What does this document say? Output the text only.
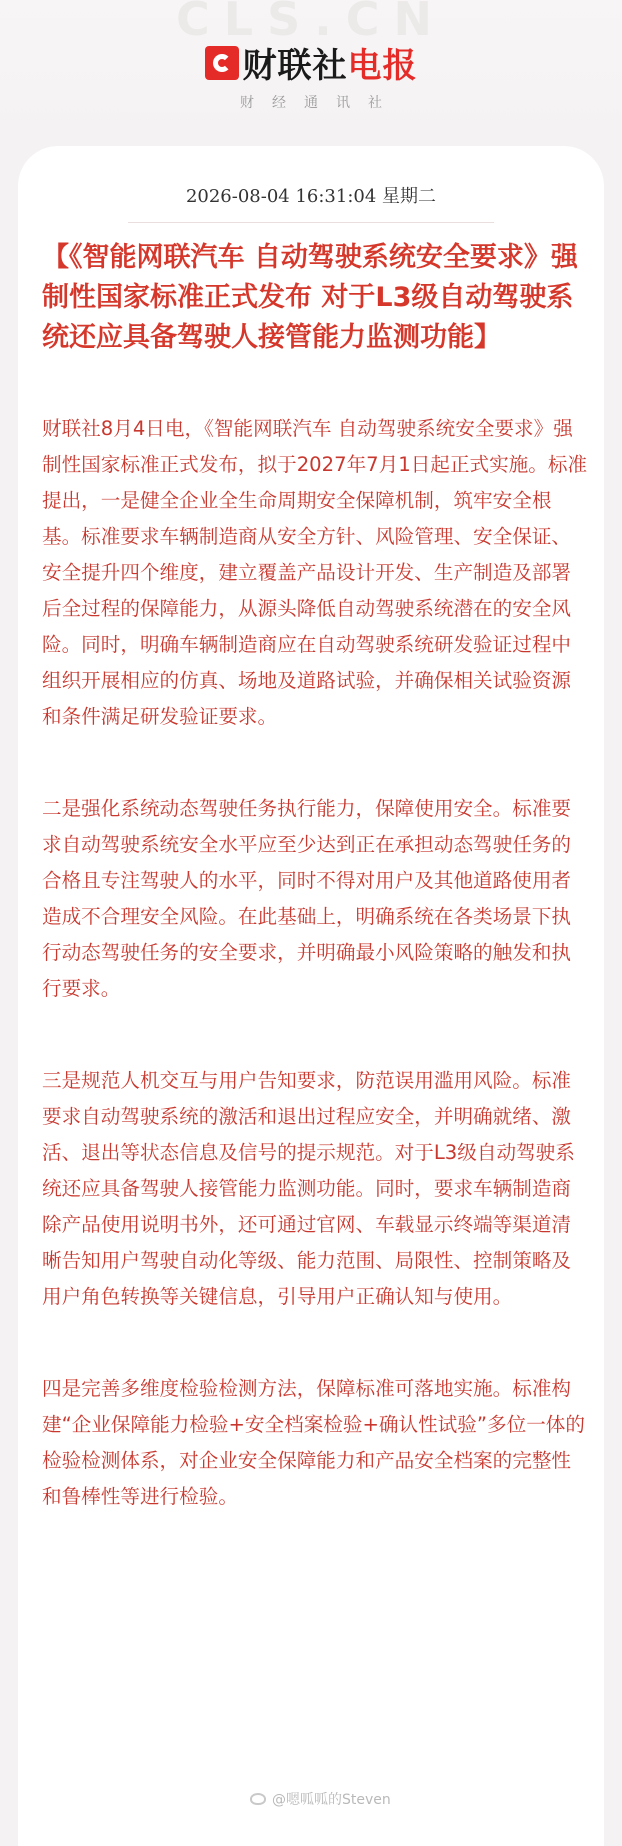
CLS.CN
财联社 电报
财经通讯社
2026-08-04 16:31:04 星期二
【《智能网联汽车 自动驾驶系统安全要求》强制性国家标准正式发布 对于L3级自动驾驶系统还应具备驾驶人接管能力监测功能】

财联社8月4日电，《智能网联汽车 自动驾驶系统安全要求》强制性国家标准正式发布，拟于2027年7月1日起正式实施。标准提出，一是健全企业全生命周期安全保障机制，筑牢安全根基。标准要求车辆制造商从安全方针、风险管理、安全保证、安全提升四个维度，建立覆盖产品设计开发、生产制造及部署后全过程的保障能力，从源头降低自动驾驶系统潜在的安全风险。同时，明确车辆制造商应在自动驾驶系统研发验证过程中组织开展相应的仿真、场地及道路试验，并确保相关试验资源和条件满足研发验证要求。

二是强化系统动态驾驶任务执行能力，保障使用安全。标准要求自动驾驶系统安全水平应至少达到正在承担动态驾驶任务的合格且专注驾驶人的水平，同时不得对用户及其他道路使用者造成不合理安全风险。在此基础上，明确系统在各类场景下执行动态驾驶任务的安全要求，并明确最小风险策略的触发和执行要求。

三是规范人机交互与用户告知要求，防范误用滥用风险。标准要求自动驾驶系统的激活和退出过程应安全，并明确就绪、激活、退出等状态信息及信号的提示规范。对于L3级自动驾驶系统还应具备驾驶人接管能力监测功能。同时，要求车辆制造商除产品使用说明书外，还可通过官网、车载显示终端等渠道清晰告知用户驾驶自动化等级、能力范围、局限性、控制策略及用户角色转换等关键信息，引导用户正确认知与使用。

四是完善多维度检验检测方法，保障标准可落地实施。标准构建“企业保障能力检验+安全档案检验+确认性试验”多位一体的检验检测体系，对企业安全保障能力和产品安全档案的完整性和鲁棒性等进行检验。

@嗯呱呱的Steven
